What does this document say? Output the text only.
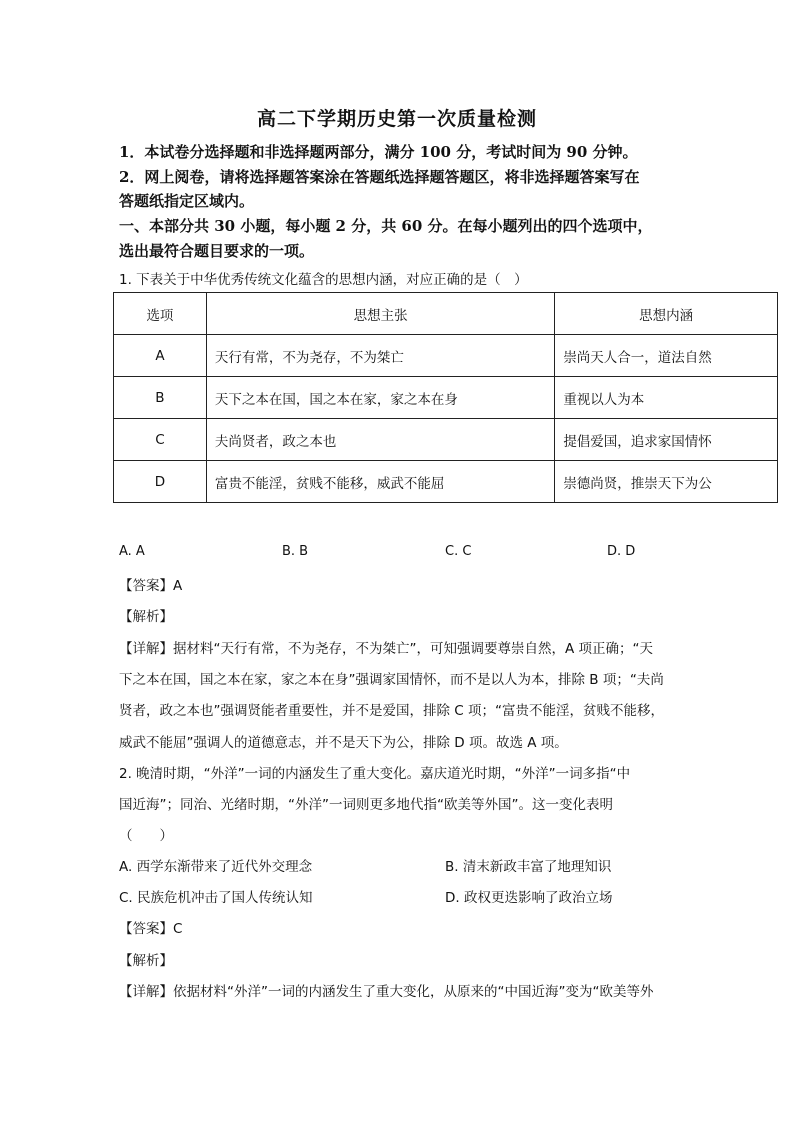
高二下学期历史第一次质量检测
1．本试卷分选择题和非选择题两部分，满分 100 分，考试时间为 90 分钟。
2．网上阅卷，请将选择题答案涂在答题纸选择题答题区，将非选择题答案写在
答题纸指定区域内。
一、本部分共 30 小题，每小题 2 分，共 60 分。在每小题列出的四个选项中，
选出最符合题目要求的一项。
1. 下表关于中华优秀传统文化蕴含的思想内涵，对应正确的是（　）
选项	思想主张	思想内涵
A	天行有常，不为尧存，不为桀亡	崇尚天人合一，道法自然
B	天下之本在国，国之本在家，家之本在身	重视以人为本
C	夫尚贤者，政之本也	提倡爱国，追求家国情怀
D	富贵不能淫，贫贱不能移，威武不能屈	崇德尚贤，推崇天下为公
A. A	B. B	C. C	D. D
【答案】A
【解析】
【详解】据材料“天行有常，不为尧存，不为桀亡”，可知强调要尊崇自然，A 项正确；“天
下之本在国，国之本在家，家之本在身”强调家国情怀，而不是以人为本，排除 B 项；“夫尚
贤者，政之本也”强调贤能者重要性，并不是爱国，排除 C 项；“富贵不能淫，贫贱不能移，
威武不能屈”强调人的道德意志，并不是天下为公，排除 D 项。故选 A 项。
2. 晚清时期，“外洋”一词的内涵发生了重大变化。嘉庆道光时期，“外洋”一词多指“中
国近海”；同治、光绪时期，“外洋”一词则更多地代指“欧美等外国”。这一变化表明
（　　）
A. 西学东渐带来了近代外交理念	B. 清末新政丰富了地理知识
C. 民族危机冲击了国人传统认知	D. 政权更迭影响了政治立场
【答案】C
【解析】
【详解】依据材料“外洋”一词的内涵发生了重大变化，从原来的“中国近海”变为“欧美等外
